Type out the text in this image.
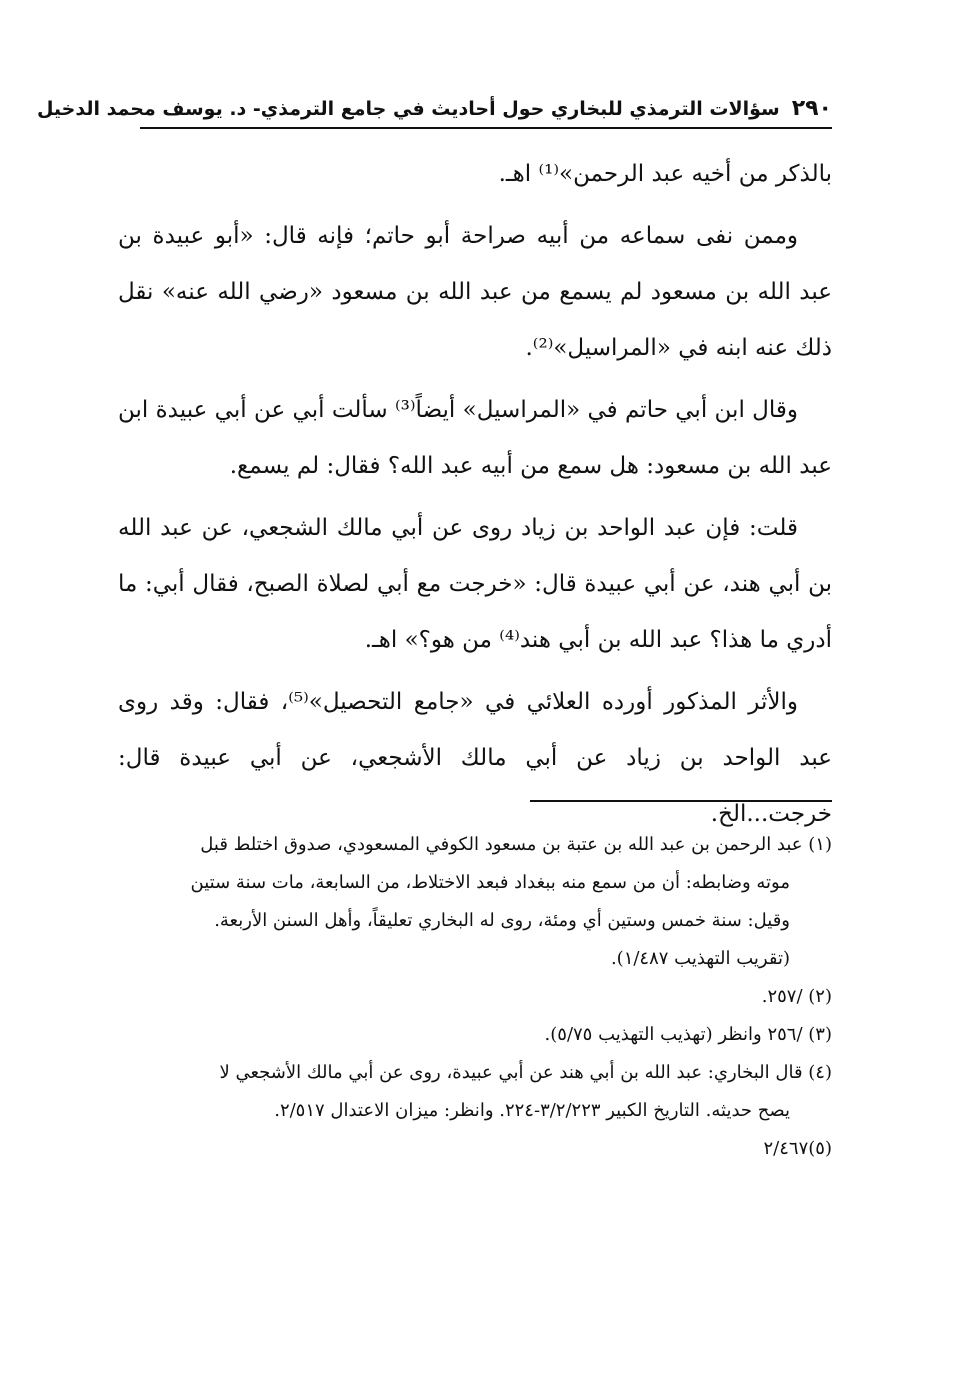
٢٩٠
سؤالات الترمذي للبخاري حول أحاديث في جامع الترمذي- د. يوسف محمد الدخيل

بالذكر من أخيه عبد الرحمن»⁽¹⁾ اهـ.

وممن نفى سماعه من أبيه صراحة أبو حاتم؛ فإنه قال: «أبو عبيدة بن عبد الله بن مسعود لم يسمع من عبد الله بن مسعود «رضي الله عنه» نقل ذلك عنه ابنه في «المراسيل»⁽²⁾.

وقال ابن أبي حاتم في «المراسيل» أيضاً⁽³⁾ سألت أبي عن أبي عبيدة ابن عبد الله بن مسعود: هل سمع من أبيه عبد الله؟ فقال: لم يسمع.

قلت: فإن عبد الواحد بن زياد روى عن أبي مالك الشجعي، عن عبد الله بن أبي هند، عن أبي عبيدة قال: «خرجت مع أبي لصلاة الصبح، فقال أبي: ما أدري ما هذا؟ عبد الله بن أبي هند⁽⁴⁾ من هو؟» اهـ.

والأثر المذكور أورده العلائي في «جامع التحصيل»⁽⁵⁾، فقال: وقد روى عبد الواحد بن زياد عن أبي مالك الأشجعي، عن أبي عبيدة قال: خرجت...الخ.

(١) عبد الرحمن بن عبد الله بن عتبة بن مسعود الكوفي المسعودي، صدوق اختلط قبل

موته وضابطه: أن من سمع منه ببغداد فبعد الاختلاط، من السابعة، مات سنة ستين

وقيل: سنة خمس وستين أي ومئة، روى له البخاري تعليقاً، وأهل السنن الأربعة.

(تقريب التهذيب ١/٤٨٧).

(٢) /٢٥٧.

(٣) /٢٥٦ وانظر (تهذيب التهذيب ٥/٧٥).

(٤) قال البخاري: عبد الله بن أبي هند عن أبي عبيدة، روى عن أبي مالك الأشجعي لا

يصح حديثه. التاريخ الكبير ٣/٢/٢٢٣-٢٢٤. وانظر: ميزان الاعتدال ٢/٥١٧.

(٥)٢/٤٦٧
